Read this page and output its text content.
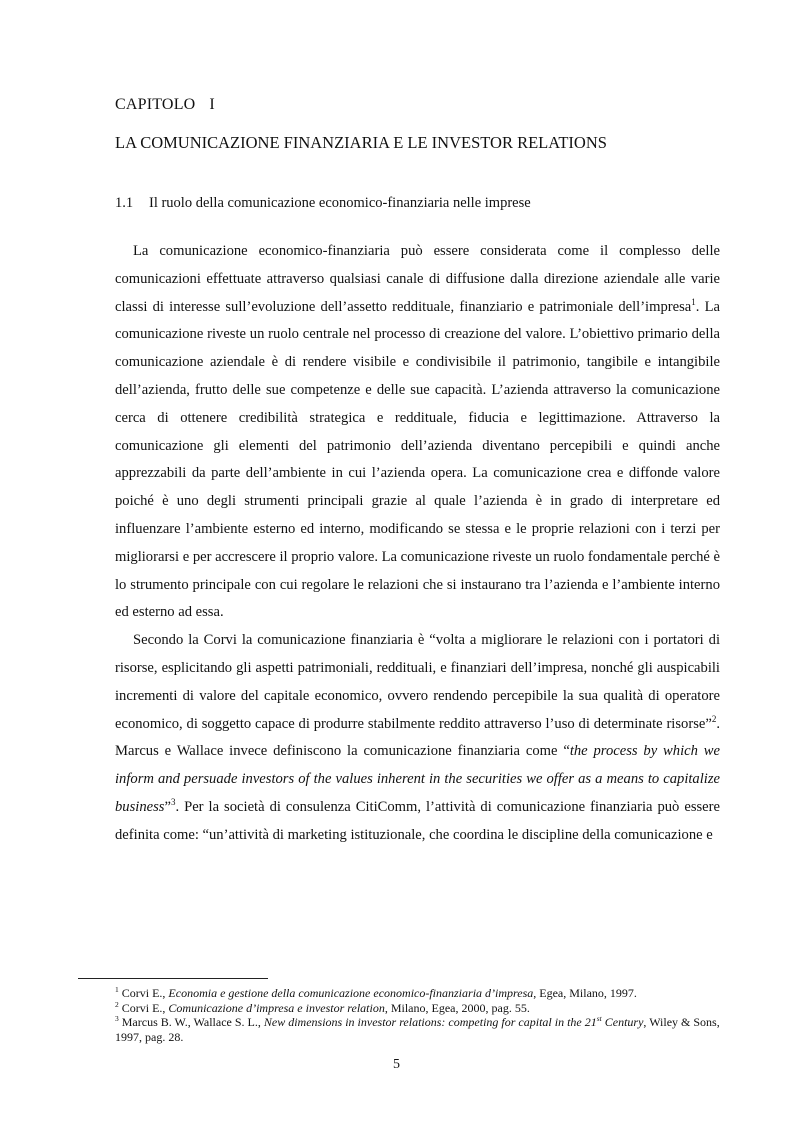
CAPITOLO I
LA COMUNICAZIONE FINANZIARIA E LE INVESTOR RELATIONS
1.1 Il ruolo della comunicazione economico-finanziaria nelle imprese

La comunicazione economico-finanziaria può essere considerata come il complesso delle comunicazioni effettuate attraverso qualsiasi canale di diffusione dalla direzione aziendale alle varie classi di interesse sull’evoluzione dell’assetto reddituale, finanziario e patrimoniale dell’impresa$^1$. La comunicazione riveste un ruolo centrale nel processo di creazione del valore. L’obiettivo primario della comunicazione aziendale è di rendere visibile e condivisibile il patrimonio, tangibile e intangibile dell’azienda, frutto delle sue competenze e delle sue capacità. L’azienda attraverso la comunicazione cerca di ottenere credibilità strategica e reddituale, fiducia e legittimazione. Attraverso la comunicazione gli elementi del patrimonio dell’azienda diventano percepibili e quindi anche apprezzabili da parte dell’ambiente in cui l’azienda opera. La comunicazione crea e diffonde valore poiché è uno degli strumenti principali grazie al quale l’azienda è in grado di interpretare ed influenzare l’ambiente esterno ed interno, modificando se stessa e le proprie relazioni con i terzi per migliorarsi e per accrescere il proprio valore. La comunicazione riveste un ruolo fondamentale perché è lo strumento principale con cui regolare le relazioni che si instaurano tra l’azienda e l’ambiente interno ed esterno ad essa.

Secondo la Corvi la comunicazione finanziaria è “volta a migliorare le relazioni con i portatori di risorse, esplicitando gli aspetti patrimoniali, reddituali, e finanziari dell’impresa, nonché gli auspicabili incrementi di valore del capitale economico, ovvero rendendo percepibile la sua qualità di operatore economico, di soggetto capace di produrre stabilmente reddito attraverso l’uso di determinate risorse”$^2$. Marcus e Wallace invece definiscono la comunicazione finanziaria come “the process by which we inform and persuade investors of the values inherent in the securities we offer as a means to capitalize business”$^3$. Per la società di consulenza CitiComm, l’attività di comunicazione finanziaria può essere definita come: “un’attività di marketing istituzionale, che coordina le discipline della comunicazione e

$^1$ Corvi E., Economia e gestione della comunicazione economico-finanziaria d’impresa, Egea, Milano, 1997.
$^2$ Corvi E., Comunicazione d’impresa e investor relation, Milano, Egea, 2000, pag. 55.
$^3$ Marcus B. W., Wallace S. L., New dimensions in investor relations: competing for capital in the 21st Century, Wiley & Sons, 1997, pag. 28.
5
